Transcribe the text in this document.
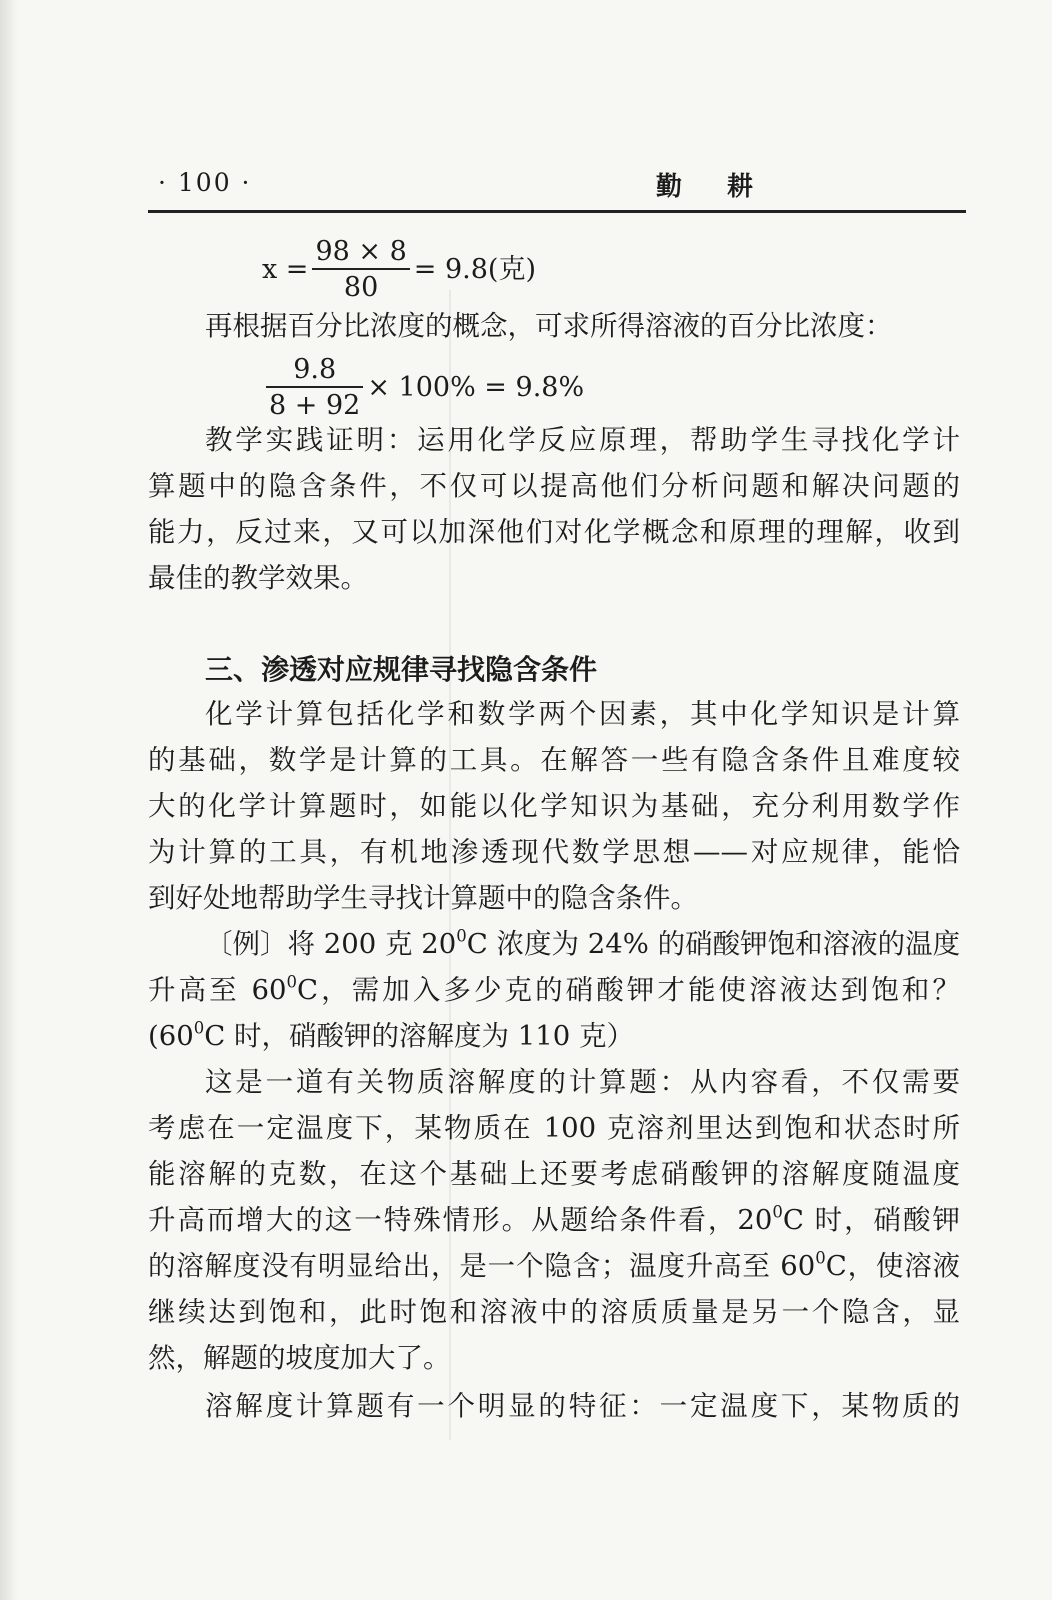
· 100 ·	勤 耕
$x = \frac{98 \times 8}{80} = 9.8$(克)
再根据百分比浓度的概念，可求所得溶液的百分比浓度：
$\frac{9.8}{8 + 92} \times 100\% = 9.8\%$
教学实践证明：运用化学反应原理，帮助学生寻找化学计
算题中的隐含条件，不仅可以提高他们分析问题和解决问题的
能力，反过来，又可以加深他们对化学概念和原理的理解，收到
最佳的教学效果。
三、渗透对应规律寻找隐含条件
化学计算包括化学和数学两个因素，其中化学知识是计算
的基础，数学是计算的工具。在解答一些有隐含条件且难度较
大的化学计算题时，如能以化学知识为基础，充分利用数学作
为计算的工具，有机地渗透现代数学思想——对应规律，能恰
到好处地帮助学生寻找计算题中的隐含条件。
〔例〕将 200 克 $20^0C$ 浓度为 24% 的硝酸钾饱和溶液的温度
升高至 $60^0C$，需加入多少克的硝酸钾才能使溶液达到饱和？
($60^0C$ 时，硝酸钾的溶解度为 110 克）
这是一道有关物质溶解度的计算题：从内容看，不仅需要
考虑在一定温度下，某物质在 100 克溶剂里达到饱和状态时所
能溶解的克数，在这个基础上还要考虑硝酸钾的溶解度随温度
升高而增大的这一特殊情形。从题给条件看，$20^0C$ 时，硝酸钾
的溶解度没有明显给出，是一个隐含；温度升高至 $60^0C$，使溶液
继续达到饱和，此时饱和溶液中的溶质质量是另一个隐含，显
然，解题的坡度加大了。
溶解度计算题有一个明显的特征：一定温度下，某物质的
